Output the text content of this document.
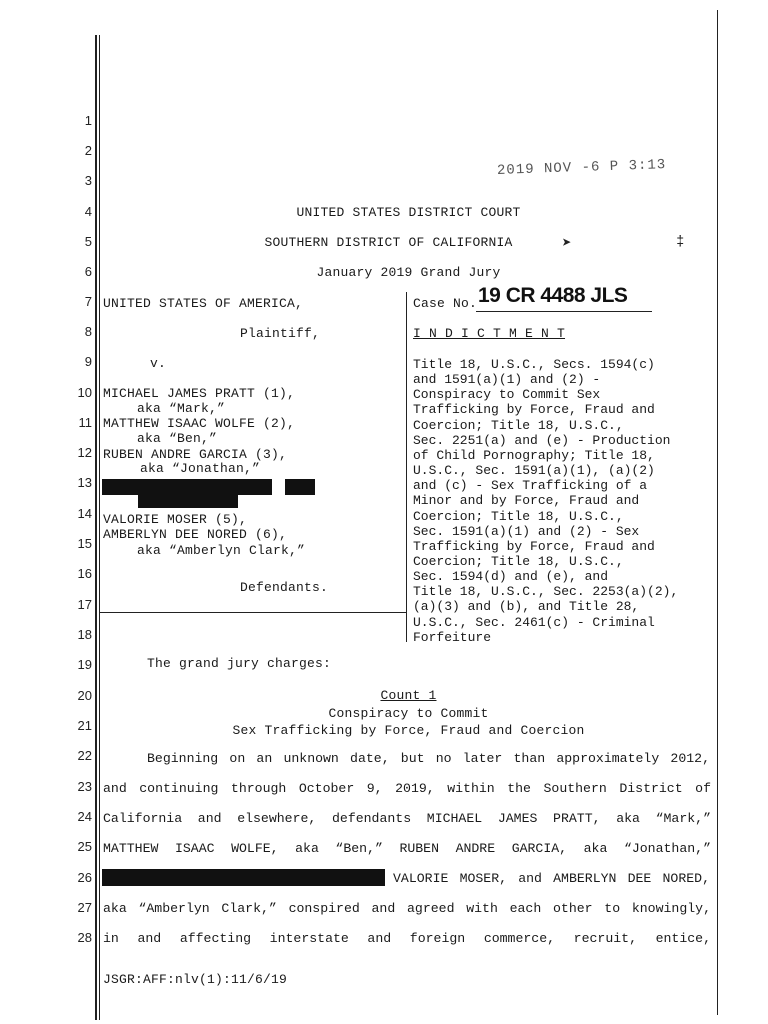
1
2
3
4
5
6
7
8
9
10
11
12
13
14
15
16
17
18
19
20
21
22
23
24
25
26
27
28
2019 NOV -6 P 3:13
➤
UNITED STATES DISTRICT COURT
SOUTHERN DISTRICT OF CALIFORNIA
January 2019 Grand Jury
UNITED STATES OF AMERICA,
Plaintiff,
v.
MICHAEL JAMES PRATT (1),
aka “Mark,”
MATTHEW ISAAC WOLFE (2),
aka “Ben,”
RUBEN ANDRE GARCIA (3),
aka “Jonathan,”
VALORIE MOSER (5),
AMBERLYN DEE NORED (6),
aka “Amberlyn Clark,”
Defendants.
Case No. 19 CR 4488 JLS
I N D I C T M E N T
Title 18, U.S.C., Secs. 1594(c)
and 1591(a)(1) and (2) -
Conspiracy to Commit Sex
Trafficking by Force, Fraud and
Coercion; Title 18, U.S.C.,
Sec. 2251(a) and (e) - Production
of Child Pornography; Title 18,
U.S.C., Sec. 1591(a)(1), (a)(2)
and (c) - Sex Trafficking of a
Minor and by Force, Fraud and
Coercion; Title 18, U.S.C.,
Sec. 1591(a)(1) and (2) - Sex
Trafficking by Force, Fraud and
Coercion; Title 18, U.S.C.,
Sec. 1594(d) and (e), and
Title 18, U.S.C., Sec. 2253(a)(2),
(a)(3) and (b), and Title 28,
U.S.C., Sec. 2461(c) - Criminal
Forfeiture
‡
The grand jury charges:
Count 1
Conspiracy to Commit
Sex Trafficking by Force, Fraud and Coercion
Beginning on an unknown date, but no later than approximately 2012,
and continuing through October 9, 2019, within the Southern District of
California and elsewhere, defendants MICHAEL JAMES PRATT, aka “Mark,”
MATTHEW ISAAC WOLFE, aka “Ben,” RUBEN ANDRE GARCIA, aka “Jonathan,”
VALORIE MOSER, and AMBERLYN DEE NORED,
aka “Amberlyn Clark,” conspired and agreed with each other to knowingly,
in and affecting interstate and foreign commerce, recruit, entice,
JSGR:AFF:nlv(1):11/6/19
